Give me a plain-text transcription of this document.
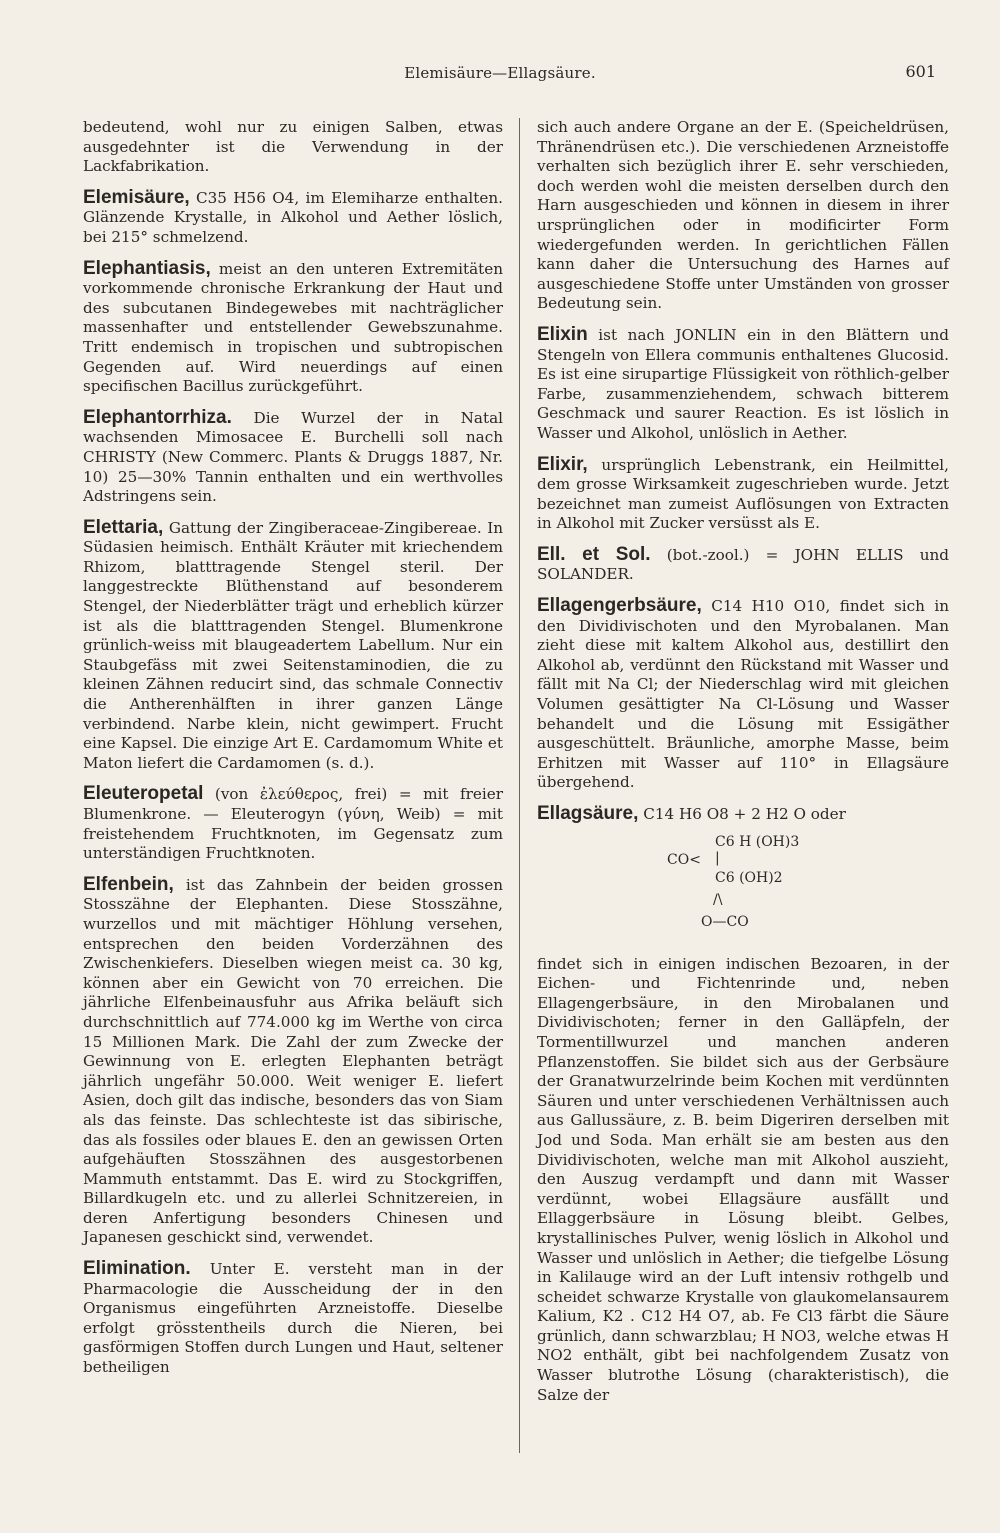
Elemisäure—Ellagsäure.	601

bedeutend, wohl nur zu einigen Salben, etwas ausgedehnter ist die Verwendung in der Lackfabrikation.

Elemisäure, C35 H56 O4, im Elemiharze enthalten. Glänzende Krystalle, in Alkohol und Aether löslich, bei 215° schmelzend.

Elephantiasis, meist an den unteren Extremitäten vorkommende chronische Erkrankung der Haut und des subcutanen Bindegewebes mit nachträglicher massenhafter und entstellender Gewebszunahme. Tritt endemisch in tropischen und subtropischen Gegenden auf. Wird neuerdings auf einen specifischen Bacillus zurückgeführt.

Elephantorrhiza. Die Wurzel der in Natal wachsenden Mimosacee E. Burchelli soll nach CHRISTY (New Commerc. Plants & Druggs 1887, Nr. 10) 25—30% Tannin enthalten und ein werthvolles Adstringens sein.

Elettaria, Gattung der Zingiberaceae-Zingibereae. In Südasien heimisch. Enthält Kräuter mit kriechendem Rhizom, blatttragende Stengel steril. Der langgestreckte Blüthenstand auf besonderem Stengel, der Niederblätter trägt und erheblich kürzer ist als die blatttragenden Stengel. Blumenkrone grünlich-weiss mit blaugeadertem Labellum. Nur ein Staubgefäss mit zwei Seitenstaminodien, die zu kleinen Zähnen reducirt sind, das schmale Connectiv die Antherenhälften in ihrer ganzen Länge verbindend. Narbe klein, nicht gewimpert. Frucht eine Kapsel. Die einzige Art E. Cardamomum White et Maton liefert die Cardamomen (s. d.).

Eleuteropetal (von ἐλεύθερος, frei) = mit freier Blumenkrone. — Eleuterogyn (γύνη, Weib) = mit freistehendem Fruchtknoten, im Gegensatz zum unterständigen Fruchtknoten.

Elfenbein, ist das Zahnbein der beiden grossen Stosszähne der Elephanten. Diese Stosszähne, wurzellos und mit mächtiger Höhlung versehen, entsprechen den beiden Vorderzähnen des Zwischenkiefers. Dieselben wiegen meist ca. 30 kg, können aber ein Gewicht von 70 erreichen. Die jährliche Elfenbeinausfuhr aus Afrika beläuft sich durchschnittlich auf 774.000 kg im Werthe von circa 15 Millionen Mark. Die Zahl der zum Zwecke der Gewinnung von E. erlegten Elephanten beträgt jährlich ungefähr 50.000. Weit weniger E. liefert Asien, doch gilt das indische, besonders das von Siam als das feinste. Das schlechteste ist das sibirische, das als fossiles oder blaues E. den an gewissen Orten aufgehäuften Stosszähnen des ausgestorbenen Mammuth entstammt. Das E. wird zu Stockgriffen, Billardkugeln etc. und zu allerlei Schnitzereien, in deren Anfertigung besonders Chinesen und Japanesen geschickt sind, verwendet.

Elimination. Unter E. versteht man in der Pharmacologie die Ausscheidung der in den Organismus eingeführten Arzneistoffe. Dieselbe erfolgt grösstentheils durch die Nieren, bei gasförmigen Stoffen durch Lungen und Haut, seltener betheiligen

sich auch andere Organe an der E. (Speicheldrüsen, Thränendrüsen etc.). Die verschiedenen Arzneistoffe verhalten sich bezüglich ihrer E. sehr verschieden, doch werden wohl die meisten derselben durch den Harn ausgeschieden und können in diesem in ihrer ursprünglichen oder in modificirter Form wiedergefunden werden. In gerichtlichen Fällen kann daher die Untersuchung des Harnes auf ausgeschiedene Stoffe unter Umständen von grosser Bedeutung sein.

Elixin ist nach JONLIN ein in den Blättern und Stengeln von Ellera communis enthaltenes Glucosid. Es ist eine sirupartige Flüssigkeit von röthlich-gelber Farbe, zusammenziehendem, schwach bitterem Geschmack und saurer Reaction. Es ist löslich in Wasser und Alkohol, unlöslich in Aether.

Elixir, ursprünglich Lebenstrank, ein Heilmittel, dem grosse Wirksamkeit zugeschrieben wurde. Jetzt bezeichnet man zumeist Auflösungen von Extracten in Alkohol mit Zucker versüsst als E.

Ell. et Sol. (bot.-zool.) = JOHN ELLIS und SOLANDER.

Ellagengerbsäure, C14 H10 O10, findet sich in den Dividivischoten und den Myrobalanen. Man zieht diese mit kaltem Alkohol aus, destillirt den Alkohol ab, verdünnt den Rückstand mit Wasser und fällt mit Na Cl; der Niederschlag wird mit gleichen Volumen gesättigter Na Cl-Lösung und Wasser behandelt und die Lösung mit Essigäther ausgeschüttelt. Bräunliche, amorphe Masse, beim Erhitzen mit Wasser auf 110° in Ellagsäure übergehend.

Ellagsäure, C14 H6 O8 + 2 H2 O oder

C6 H (OH)3
CO< |
C6 (OH)2
/\
O—CO

findet sich in einigen indischen Bezoaren, in der Eichen- und Fichtenrinde und, neben Ellagengerbsäure, in den Mirobalanen und Dividivischoten; ferner in den Galläpfeln, der Tormentillwurzel und manchen anderen Pflanzenstoffen. Sie bildet sich aus der Gerbsäure der Granatwurzelrinde beim Kochen mit verdünnten Säuren und unter verschiedenen Verhältnissen auch aus Gallussäure, z. B. beim Digeriren derselben mit Jod und Soda. Man erhält sie am besten aus den Dividivischoten, welche man mit Alkohol auszieht, den Auszug verdampft und dann mit Wasser verdünnt, wobei Ellagsäure ausfällt und Ellaggerbsäure in Lösung bleibt. Gelbes, krystallinisches Pulver, wenig löslich in Alkohol und Wasser und unlöslich in Aether; die tiefgelbe Lösung in Kalilauge wird an der Luft intensiv rothgelb und scheidet schwarze Krystalle von glaukomelansaurem Kalium, K2 . C12 H4 O7, ab. Fe Cl3 färbt die Säure grünlich, dann schwarzblau; H NO3, welche etwas H NO2 enthält, gibt bei nachfolgendem Zusatz von Wasser blutrothe Lösung (charakteristisch), die Salze der
